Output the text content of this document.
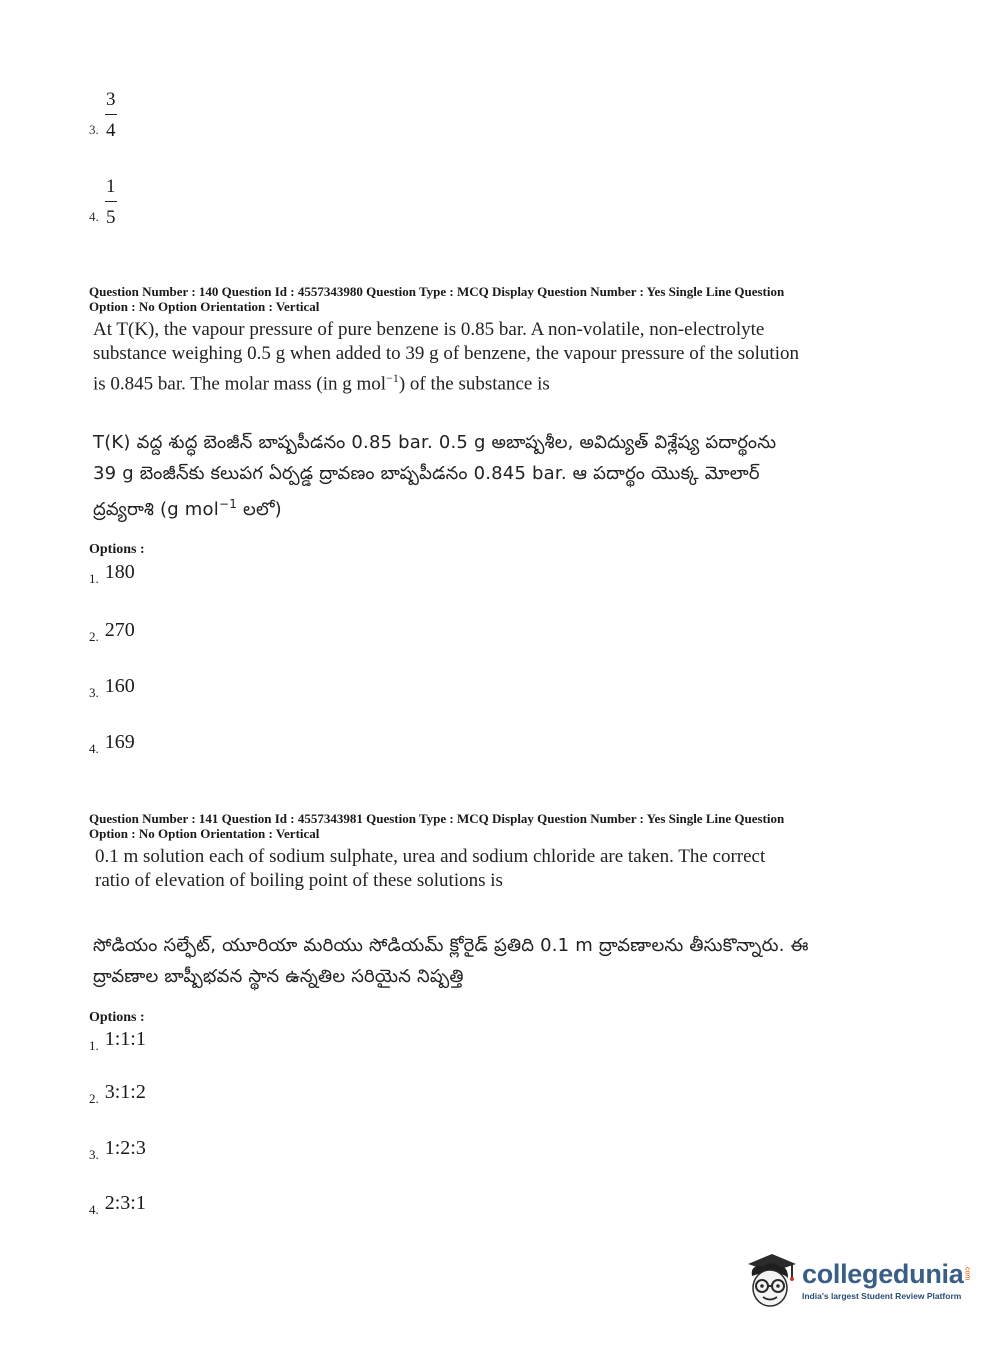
3. $\frac{3}{4}$
4. $\frac{1}{5}$
Question Number : 140 Question Id : 4557343980 Question Type : MCQ Display Question Number : Yes Single Line Question
Option : No Option Orientation : Vertical
At T(K), the vapour pressure of pure benzene is 0.85 bar. A non-volatile, non-electrolyte
substance weighing 0.5 g when added to 39 g of benzene, the vapour pressure of the solution
is 0.845 bar. The molar mass (in g mol$^{-1}$) of the substance is
T(K) వద్ద శుద్ధ బెంజీన్ బాష్పపీడనం 0.85 bar. 0.5 g అబాష్పశీల, అవిద్యుత్ విశ్లేష్య పదార్థంను
39 g బెంజీన్‌కు కలుపగ ఏర్పడ్డ ద్రావణం బాష్పపీడనం 0.845 bar. ఆ పదార్థం యొక్క మోలార్
ద్రవ్యరాశి (g mol$^{-1}$ లలో)
Options :
1. 180
2. 270
3. 160
4. 169
Question Number : 141 Question Id : 4557343981 Question Type : MCQ Display Question Number : Yes Single Line Question
Option : No Option Orientation : Vertical
0.1 m solution each of sodium sulphate, urea and sodium chloride are taken. The correct
ratio of elevation of boiling point of these solutions is
సోడియం సల్ఫేట్, యూరియా మరియు సోడియమ్ క్లోరైడ్ ప్రతిది 0.1 m ద్రావణాలను తీసుకొన్నారు. ఈ
ద్రావణాల బాష్పీభవన స్థాన ఉన్నతిల సరియైన నిష్పత్తి
Options :
1. 1:1:1
2. 3:1:2
3. 1:2:3
4. 2:3:1
collegedunia .com
India's largest Student Review Platform
